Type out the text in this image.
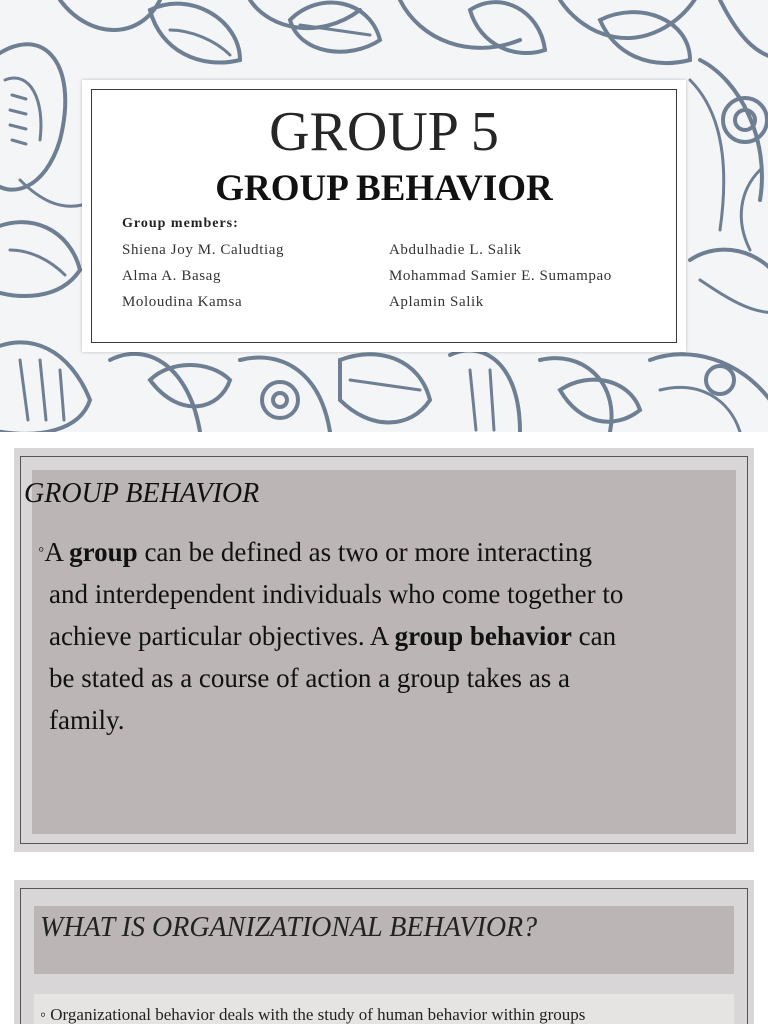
GROUP 5
GROUP BEHAVIOR
Group members:
Shiena Joy M. Caludtiag
Alma A. Basag
Moloudina Kamsa
Abdulhadie L. Salik
Mohammad Samier E. Sumampao
Aplamin Salik
GROUP BEHAVIOR
◦A group can be defined as two or more interacting
and interdependent individuals who come together to
achieve particular objectives. A group behavior can
be stated as a course of action a group takes as a
family.
WHAT IS ORGANIZATIONAL BEHAVIOR?
◦ Organizational behavior deals with the study of human behavior within groups
